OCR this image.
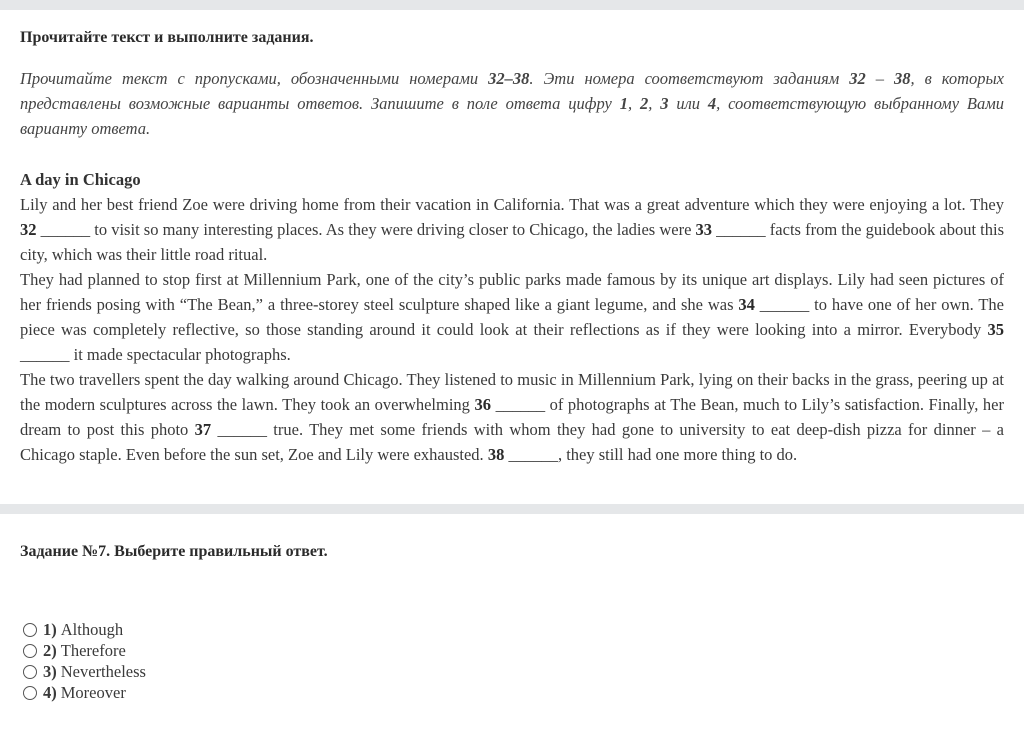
Прочитайте текст и выполните задания.

Прочитайте текст с пропусками, обозначенными номерами 32–38. Эти номера соответствуют заданиям 32 – 38, в которых представлены возможные варианты ответов. Запишите в поле ответа цифру 1, 2, 3 или 4, соответствующую выбранному Вами варианту ответа.

A day in Chicago

Lily and her best friend Zoe were driving home from their vacation in California. That was a great adventure which they were enjoying a lot. They 32 ______ to visit so many interesting places. As they were driving closer to Chicago, the ladies were 33 ______ facts from the guidebook about this city, which was their little road ritual.

They had planned to stop first at Millennium Park, one of the city’s public parks made famous by its unique art displays. Lily had seen pictures of her friends posing with “The Bean,” a three-storey steel sculpture shaped like a giant legume, and she was 34 ______ to have one of her own. The piece was completely reflective, so those standing around it could look at their reflections as if they were looking into a mirror. Everybody 35 ______ it made spectacular photographs.

The two travellers spent the day walking around Chicago. They listened to music in Millennium Park, lying on their backs in the grass, peering up at the modern sculptures across the lawn. They took an overwhelming 36 ______ of photographs at The Bean, much to Lily’s satisfaction. Finally, her dream to post this photo 37 ______ true. They met some friends with whom they had gone to university to eat deep-dish pizza for dinner – a Chicago staple. Even before the sun set, Zoe and Lily were exhausted. 38 ______, they still had one more thing to do.

Задание №7. Выберите правильный ответ.

1) Although
2) Therefore
3) Nevertheless
4) Moreover
